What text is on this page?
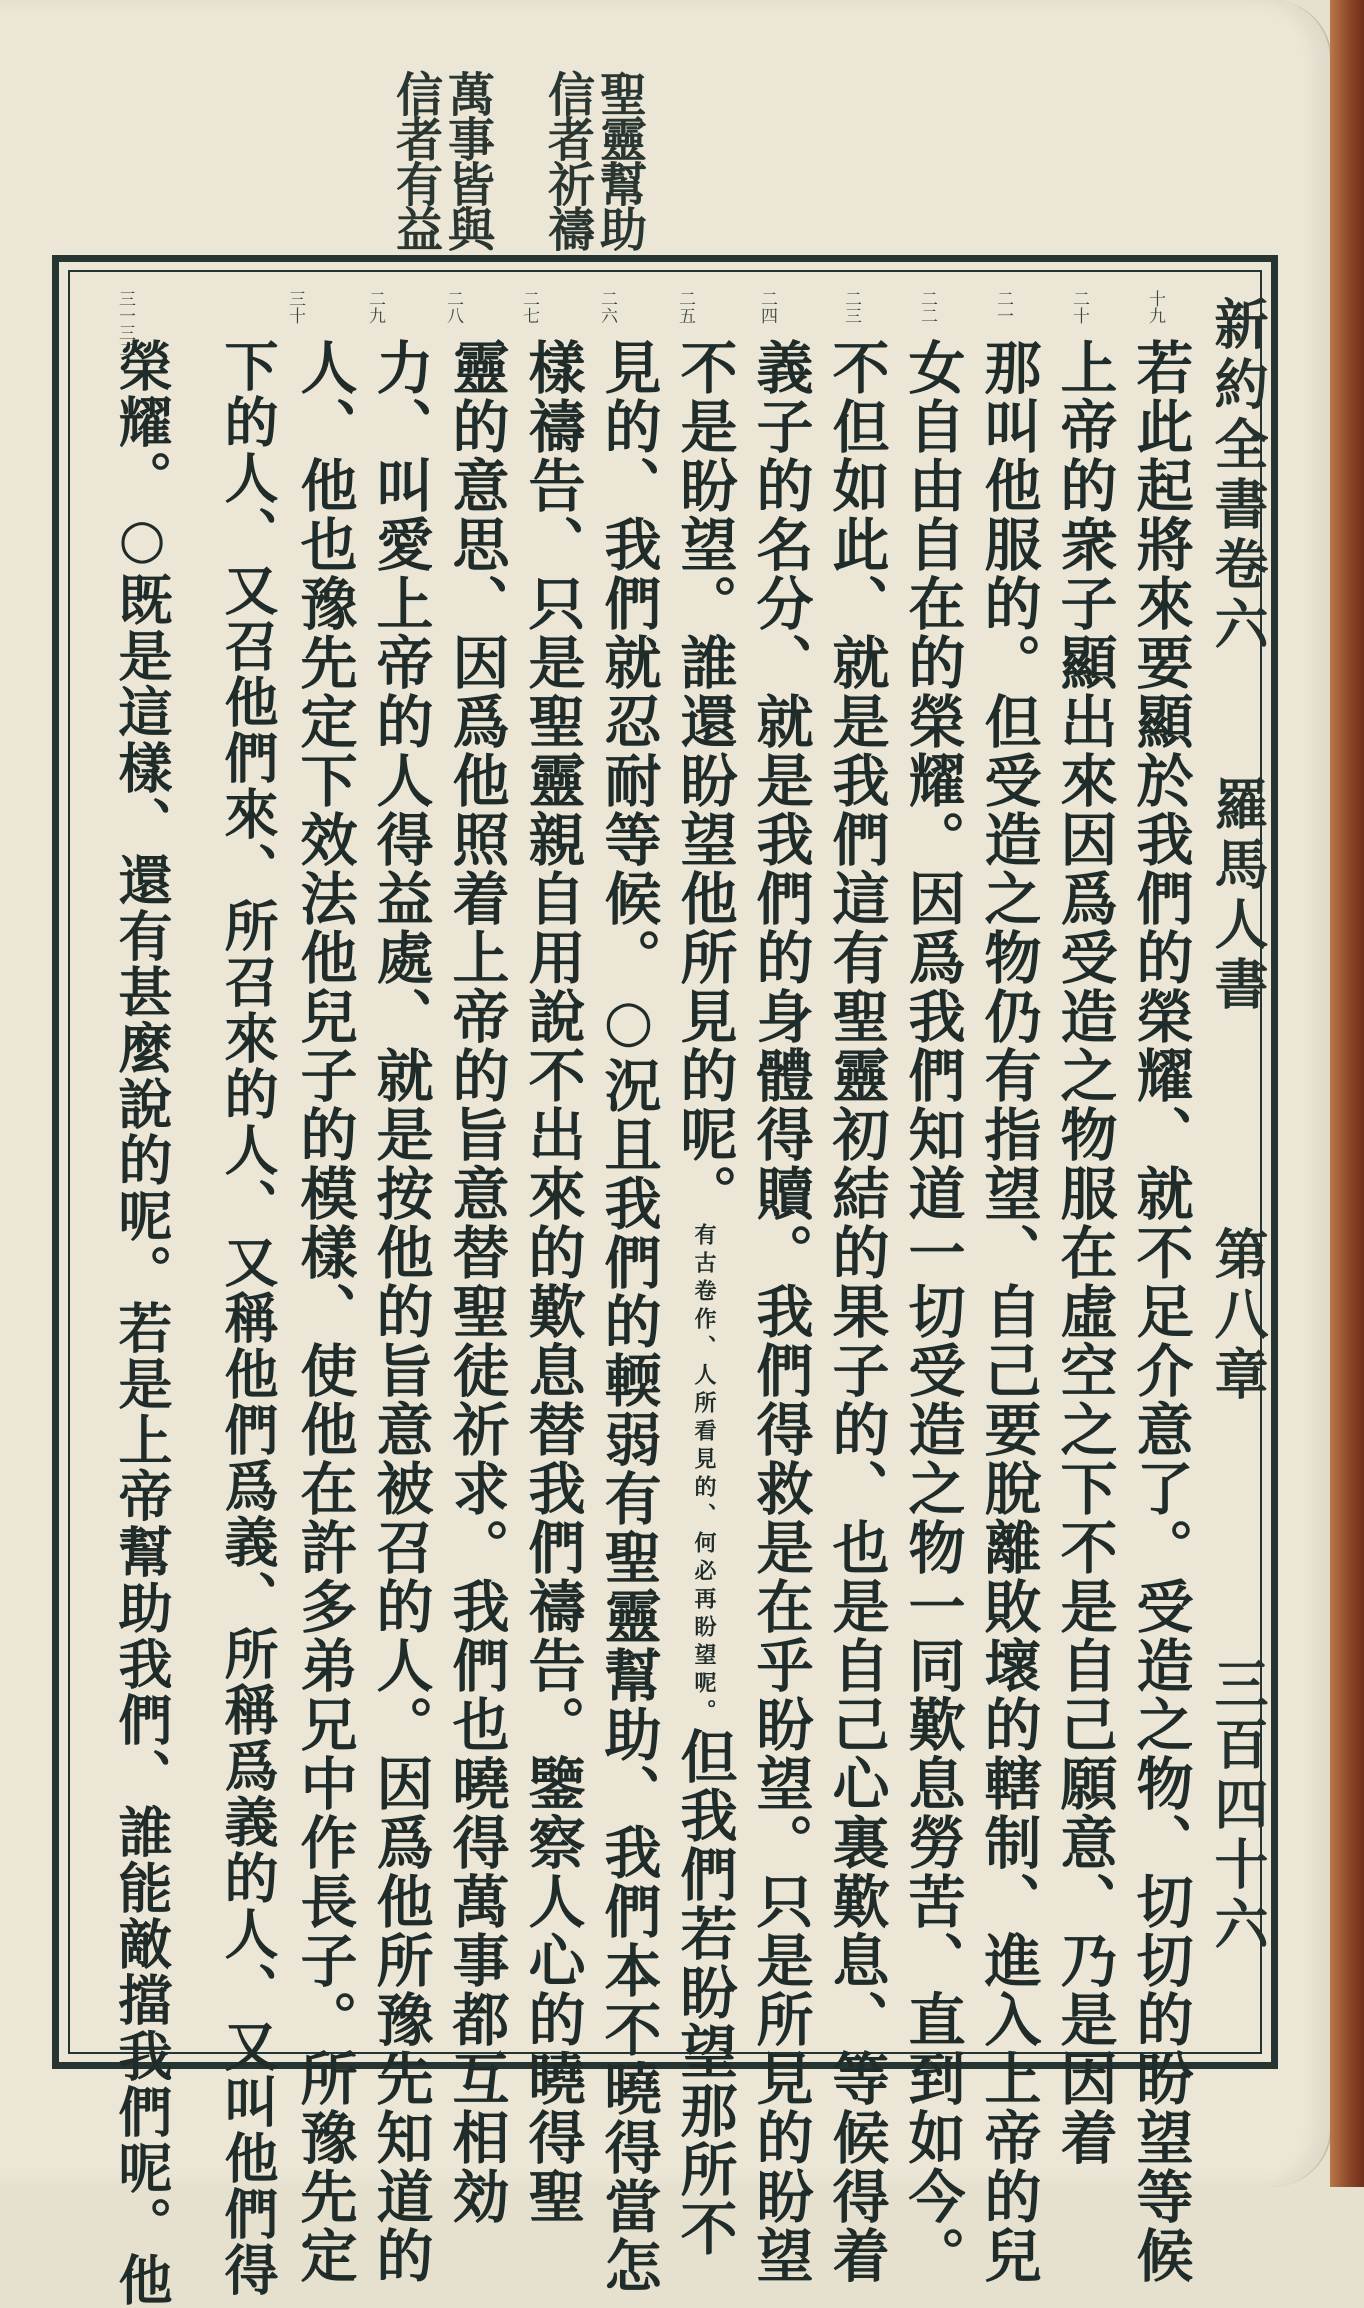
聖靈幫助
信者祈禱
萬事皆與
信者有益
新約全書卷六
羅馬人書
第八章
三百四十六
十九
二十
二一
二二
二三
二四
二五
二六
二七
二八
二九
三十
三一三二
若此起將來要顯於我們的榮耀、就不足介意了。受造之物、切切的盼望等候
上帝的衆子顯出來因爲受造之物服在虛空之下不是自己願意、乃是因着
那叫他服的。但受造之物仍有指望、自己要脫離敗壞的轄制、進入上帝的兒
女自由自在的榮耀。因爲我們知道一切受造之物一同歎息勞苦、直到如今。
不但如此、就是我們這有聖靈初結的果子的、也是自己心裏歎息、等候得着
義子的名分、就是我們的身體得贖。我們得救是在乎盼望。只是所見的盼望
不是盼望。誰還盼望他所見的呢。有古卷作、人所看見的、何必再盼望呢。但我們若盼望那所不
見的、我們就忍耐等候。○況且我們的輭弱有聖靈幫助、我們本不曉得當怎
樣禱告、只是聖靈親自用說不出來的歎息替我們禱告。鑒察人心的曉得聖
靈的意思、因爲他照着上帝的旨意替聖徒祈求。我們也曉得萬事都互相効
力、叫愛上帝的人得益處、就是按他的旨意被召的人。因爲他所豫先知道的
人、他也豫先定下效法他兒子的模樣、使他在許多弟兄中作長子。所豫先定
下的人、又召他們來、所召來的人、又稱他們爲義、所稱爲義的人、又叫他們得
榮耀。○既是這樣、還有甚麼說的呢。若是上帝幫助我們、誰能敵擋我們呢。他
